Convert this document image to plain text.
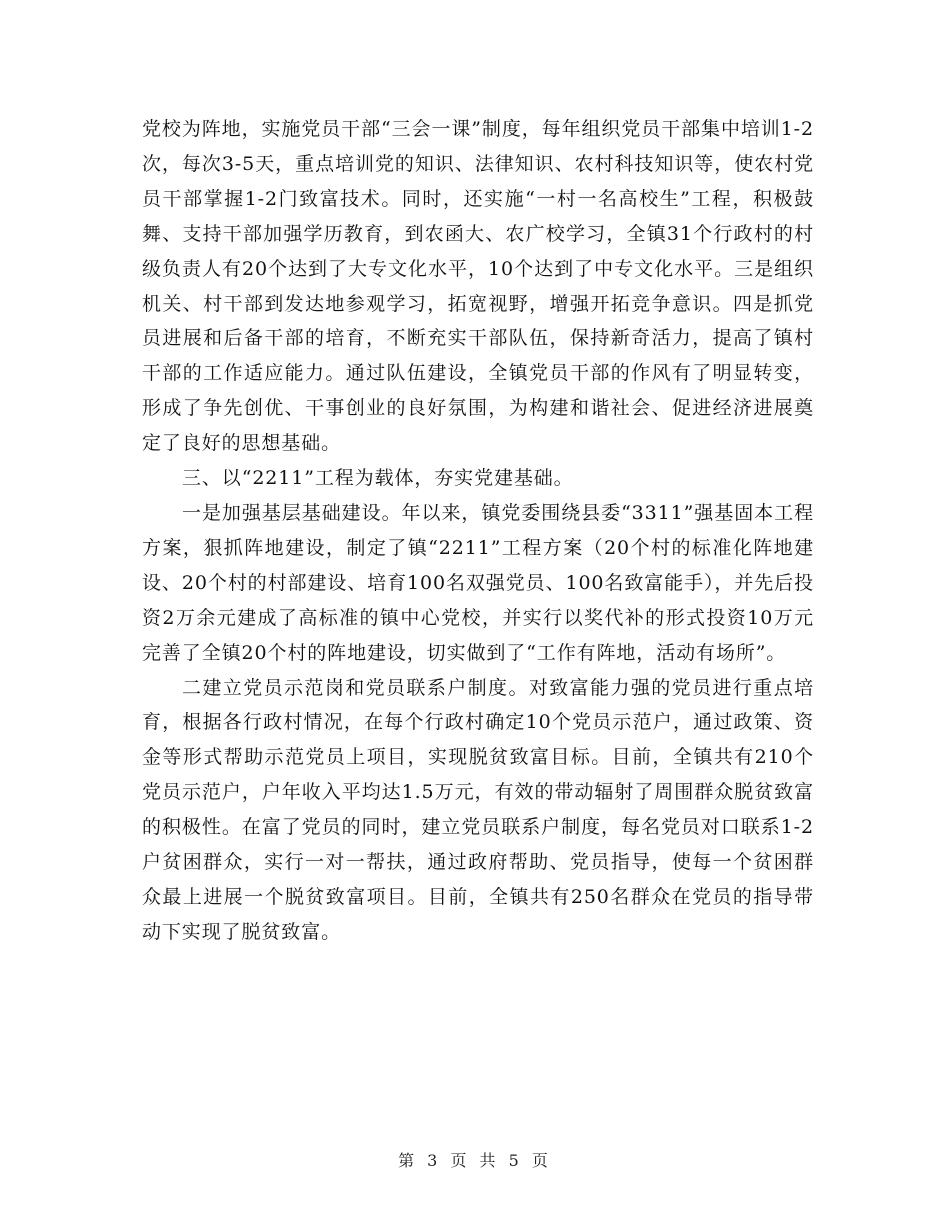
党校为阵地，实施党员干部“三会一课”制度，每年组织党员干部集中培训1-2次，每次3-5天，重点培训党的知识、法律知识、农村科技知识等，使农村党员干部掌握1-2门致富技术。同时，还实施“一村一名高校生”工程，积极鼓舞、支持干部加强学历教育，到农函大、农广校学习，全镇31个行政村的村级负责人有20个达到了大专文化水平，10个达到了中专文化水平。三是组织机关、村干部到发达地参观学习，拓宽视野，增强开拓竞争意识。四是抓党员进展和后备干部的培育，不断充实干部队伍，保持新奇活力，提高了镇村干部的工作适应能力。通过队伍建设，全镇党员干部的作风有了明显转变，形成了争先创优、干事创业的良好氛围，为构建和谐社会、促进经济进展奠定了良好的思想基础。

三、以“2211”工程为载体，夯实党建基础。

一是加强基层基础建设。年以来，镇党委围绕县委“3311”强基固本工程方案，狠抓阵地建设，制定了镇“2211”工程方案（20个村的标准化阵地建设、20个村的村部建设、培育100名双强党员、100名致富能手），并先后投资2万余元建成了高标准的镇中心党校，并实行以奖代补的形式投资10万元完善了全镇20个村的阵地建设，切实做到了“工作有阵地，活动有场所”。

二建立党员示范岗和党员联系户制度。对致富能力强的党员进行重点培育，根据各行政村情况，在每个行政村确定10个党员示范户，通过政策、资金等形式帮助示范党员上项目，实现脱贫致富目标。目前，全镇共有210个党员示范户，户年收入平均达1.5万元，有效的带动辐射了周围群众脱贫致富的积极性。在富了党员的同时，建立党员联系户制度，每名党员对口联系1-2户贫困群众，实行一对一帮扶，通过政府帮助、党员指导，使每一个贫困群众最上进展一个脱贫致富项目。目前，全镇共有250名群众在党员的指导带动下实现了脱贫致富。

第 3 页 共 5 页
